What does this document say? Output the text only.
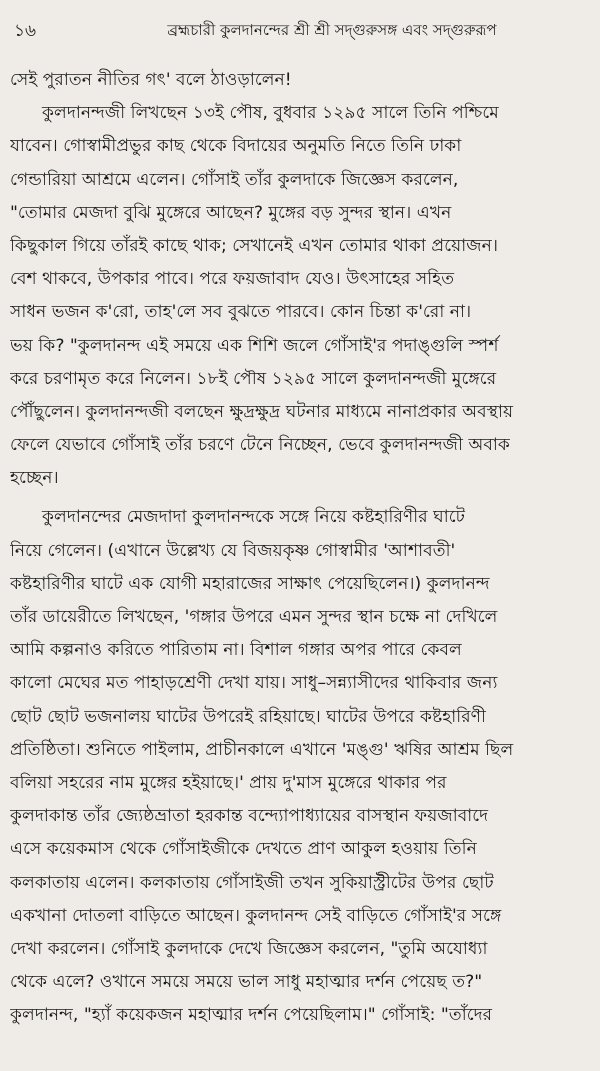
১৬	ব্রহ্মচারী কুলদানন্দের শ্রী শ্রী সদ্‌গুরুসঙ্গ এবং সদ্‌গুরুরূপ
সেই পুরাতন নীতির গৎ' বলে ঠাওড়ালেন!
কুলদানন্দজী লিখছেন ১৩ই পৌষ, বুধবার ১২৯৫ সালে তিনি পশ্চিমে
যাবেন। গোস্বামীপ্রভুর কাছ থেকে বিদায়ের অনুমতি নিতে তিনি ঢাকা
গেন্ডারিয়া আশ্রমে এলেন। গোঁসাই তাঁর কুলদাকে জিজ্ঞেস করলেন,
"তোমার মেজদা বুঝি মুঙ্গেরে আছেন? মুঙ্গের বড় সুন্দর স্থান। এখন
কিছুকাল গিয়ে তাঁরই কাছে থাক; সেখানেই এখন তোমার থাকা প্রয়োজন।
বেশ থাকবে, উপকার পাবে। পরে ফয়জাবাদ যেও। উৎসাহের সহিত
সাধন ভজন ক'রো, তাহ'লে সব বুঝতে পারবে। কোন চিন্তা ক'রো না।
ভয় কি? "কুলদানন্দ এই সময়ে এক শিশি জলে গোঁসাই'র পদাঙ্গুলি স্পর্শ
করে চরণামৃত করে নিলেন। ১৮ই পৌষ ১২৯৫ সালে কুলদানন্দজী মুঙ্গেরে
পৌঁছুলেন। কুলদানন্দজী বলছেন ক্ষুদ্রক্ষুদ্র ঘটনার মাধ্যমে নানাপ্রকার অবস্থায়
ফেলে যেভাবে গোঁসাই তাঁর চরণে টেনে নিচ্ছেন, ভেবে কুলদানন্দজী অবাক
হচ্ছেন।
কুলদানন্দের মেজদাদা কুলদানন্দকে সঙ্গে নিয়ে কষ্টহারিণীর ঘাটে
নিয়ে গেলেন। (এখানে উল্লেখ্য যে বিজয়কৃষ্ণ গোস্বামীর 'আশাবতী'
কষ্টহারিণীর ঘাটে এক যোগী মহারাজের সাক্ষাৎ পেয়েছিলেন।) কুলদানন্দ
তাঁর ডায়েরীতে লিখছেন, 'গঙ্গার উপরে এমন সুন্দর স্থান চক্ষে না দেখিলে
আমি কল্পনাও করিতে পারিতাম না। বিশাল গঙ্গার অপর পারে কেবল
কালো মেঘের মত পাহাড়শ্রেণী দেখা যায়। সাধু–সন্ন্যাসীদের থাকিবার জন্য
ছোট ছোট ভজনালয় ঘাটের উপরেই রহিয়াছে। ঘাটের উপরে কষ্টহারিণী
প্রতিষ্ঠিতা। শুনিতে পাইলাম, প্রাচীনকালে এখানে 'মঙ্গু' ঋষির আশ্রম ছিল
বলিয়া সহরের নাম মুঙ্গের হইয়াছে।' প্রায় দু'মাস মুঙ্গেরে থাকার পর
কুলদাকান্ত তাঁর জ্যেষ্ঠভ্রাতা হরকান্ত বন্দ্যোপাধ্যায়ের বাসস্থান ফয়জাবাদে
এসে কয়েকমাস থেকে গোঁসাইজীকে দেখতে প্রাণ আকুল হওয়ায় তিনি
কলকাতায় এলেন। কলকাতায় গোঁসাইজী তখন সুকিয়াস্ট্রীটের উপর ছোট
একখানা দোতলা বাড়িতে আছেন। কুলদানন্দ সেই বাড়িতে গোঁসাই'র সঙ্গে
দেখা করলেন। গোঁসাই কুলদাকে দেখে জিজ্ঞেস করলেন, "তুমি অযোধ্যা
থেকে এলে? ওখানে সময়ে সময়ে ভাল সাধু মহাত্মার দর্শন পেয়েছ ত?"
কুলদানন্দ, "হ্যাঁ কয়েকজন মহাত্মার দর্শন পেয়েছিলাম।" গোঁসাই: "তাঁদের
